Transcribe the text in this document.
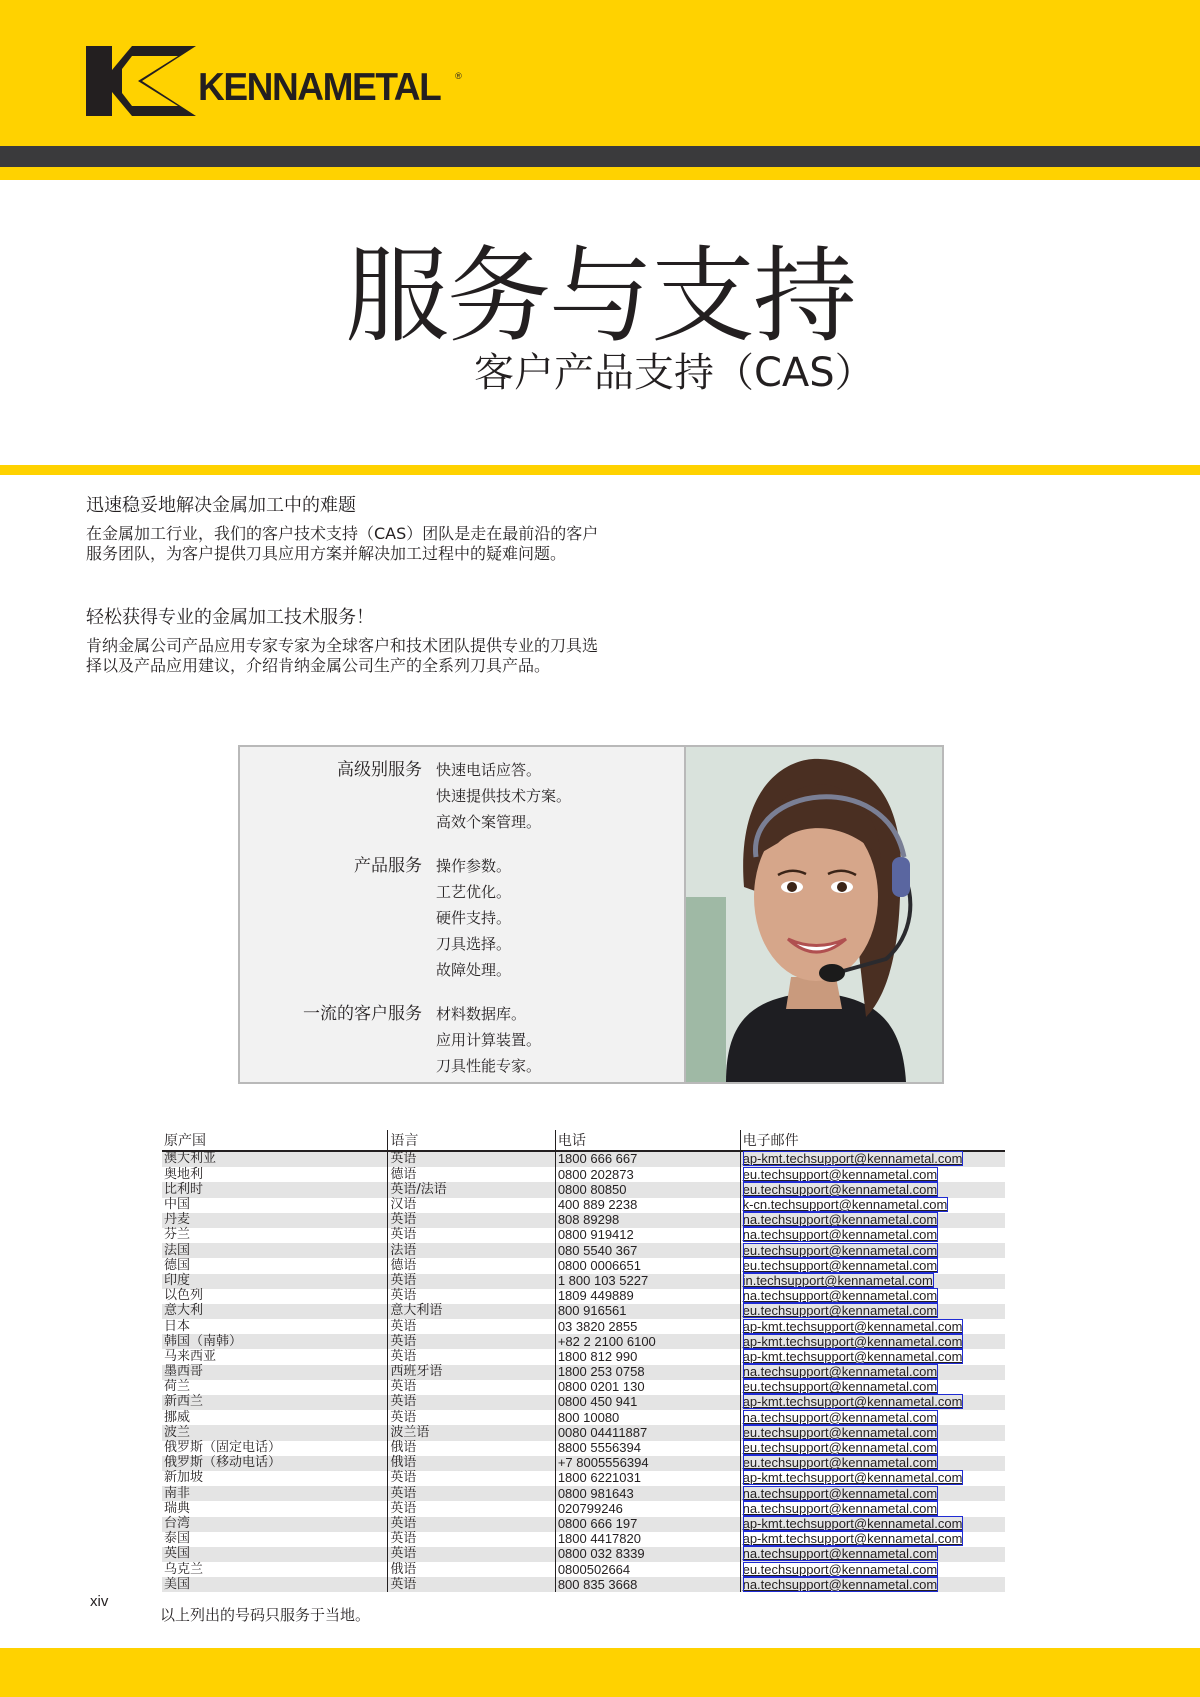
KENNAMETAL ®
服务与支持
客户产品支持（CAS）
迅速稳妥地解决金属加工中的难题

在金属加工行业，我们的客户技术支持（CAS）团队是走在最前沿的客户
服务团队，为客户提供刀具应用方案并解决加工过程中的疑难问题。

轻松获得专业的金属加工技术服务！

肯纳金属公司产品应用专家专家为全球客户和技术团队提供专业的刀具选
择以及产品应用建议，介绍肯纳金属公司生产的全系列刀具产品。

高级别服务 快速电话应答。
快速提供技术方案。
高效个案管理。
产品服务 操作参数。
工艺优化。
硬件支持。
刀具选择。
故障处理。
一流的客户服务 材料数据库。
应用计算装置。
刀具性能专家。
原产国	语言	电话	电子邮件
澳大利亚	英语	1800 666 667	ap-kmt.techsupport@kennametal.com
奥地利	德语	0800 202873	eu.techsupport@kennametal.com
比利时	英语/法语	0800 80850	eu.techsupport@kennametal.com
中国	汉语	400 889 2238	k-cn.techsupport@kennametal.com
丹麦	英语	808 89298	na.techsupport@kennametal.com
芬兰	英语	0800 919412	na.techsupport@kennametal.com
法国	法语	080 5540 367	eu.techsupport@kennametal.com
德国	德语	0800 0006651	eu.techsupport@kennametal.com
印度	英语	1 800 103 5227	in.techsupport@kennametal.com
以色列	英语	1809 449889	na.techsupport@kennametal.com
意大利	意大利语	800 916561	eu.techsupport@kennametal.com
日本	英语	03 3820 2855	ap-kmt.techsupport@kennametal.com
韩国（南韩）	英语	+82 2 2100 6100	ap-kmt.techsupport@kennametal.com
马来西亚	英语	1800 812 990	ap-kmt.techsupport@kennametal.com
墨西哥	西班牙语	1800 253 0758	na.techsupport@kennametal.com
荷兰	英语	0800 0201 130	eu.techsupport@kennametal.com
新西兰	英语	0800 450 941	ap-kmt.techsupport@kennametal.com
挪威	英语	800 10080	na.techsupport@kennametal.com
波兰	波兰语	0080 04411887	eu.techsupport@kennametal.com
俄罗斯（固定电话）	俄语	8800 5556394	eu.techsupport@kennametal.com
俄罗斯（移动电话）	俄语	+7 8005556394	eu.techsupport@kennametal.com
新加坡	英语	1800 6221031	ap-kmt.techsupport@kennametal.com
南非	英语	0800 981643	na.techsupport@kennametal.com
瑞典	英语	020799246	na.techsupport@kennametal.com
台湾	英语	0800 666 197	ap-kmt.techsupport@kennametal.com
泰国	英语	1800 4417820	ap-kmt.techsupport@kennametal.com
英国	英语	0800 032 8339	na.techsupport@kennametal.com
乌克兰	俄语	0800502664	eu.techsupport@kennametal.com
美国	英语	800 835 3668	na.techsupport@kennametal.com
xiv
以上列出的号码只服务于当地。
